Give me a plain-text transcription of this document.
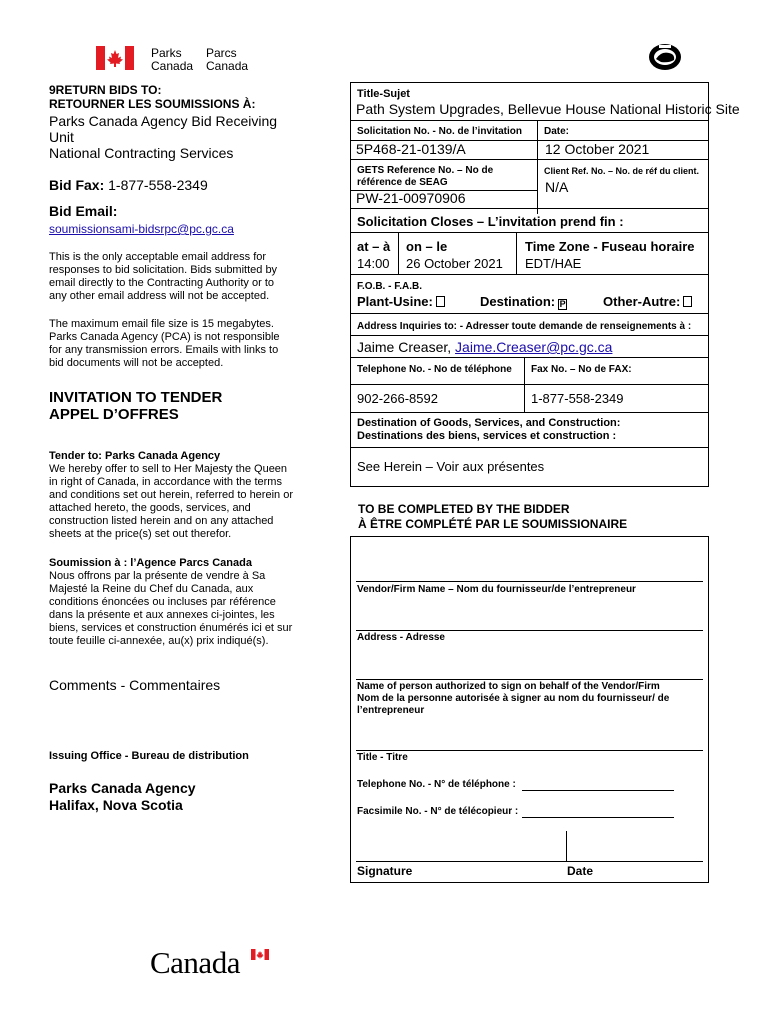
Parks
Canada
Parcs
Canada
9RETURN BIDS TO:
RETOURNER LES SOUMISSIONS À:
Parks Canada Agency Bid Receiving
Unit
National Contracting Services
Bid Fax: 1-877-558-2349
Bid Email:
soumissionsami-bidsrpc@pc.gc.ca
This is the only acceptable email address for
responses to bid solicitation. Bids submitted by
email directly to the Contracting Authority or to
any other email address will not be accepted.
The maximum email file size is 15 megabytes.
Parks Canada Agency (PCA) is not responsible
for any transmission errors. Emails with links to
bid documents will not be accepted.
INVITATION TO TENDER
APPEL D’OFFRES
Tender to: Parks Canada Agency
We hereby offer to sell to Her Majesty the Queen
in right of Canada, in accordance with the terms
and conditions set out herein, referred to herein or
attached hereto, the goods, services, and
construction listed herein and on any attached
sheets at the price(s) set out therefor.
Soumission à : l’Agence Parcs Canada
Nous offrons par la présente de vendre à Sa
Majesté la Reine du Chef du Canada, aux
conditions énoncées ou incluses par référence
dans la présente et aux annexes ci-jointes, les
biens, services et construction énumérés ici et sur
toute feuille ci-annexée, au(x) prix indiqué(s).
Comments - Commentaires
Issuing Office - Bureau de distribution
Parks Canada Agency
Halifax, Nova Scotia
Title-Sujet
Path System Upgrades, Bellevue House National Historic Site
Solicitation No. - No. de l’invitation Date:
5P468-21-0139/A	12 October 2021
GETS Reference No. – No de
référence de SEAG
Client Ref. No. – No. de réf du client.
N/A
PW-21-00970906
Solicitation Closes – L’invitation prend fin :
at – à on – le	Time Zone - Fuseau horaire
14:00 26 October 2021 EDT/HAE
F.O.B. - F.A.B.
Plant-Usine:	Destination:P	Other-Autre:
Address Inquiries to: - Adresser toute demande de renseignements à :
Jaime Creaser, Jaime.Creaser@pc.gc.ca
Telephone No. - No de téléphone Fax No. – No de FAX:
902-266-8592	1-877-558-2349
Destination of Goods, Services, and Construction:
Destinations des biens, services et construction :
See Herein – Voir aux présentes
TO BE COMPLETED BY THE BIDDER
À ÊTRE COMPLÉTÉ PAR LE SOUMISSIONAIRE
Vendor/Firm Name – Nom du fournisseur/de l’entrepreneur
Address - Adresse
Name of person authorized to sign on behalf of the Vendor/Firm
Nom de la personne autorisée à signer au nom du fournisseur/ de
l’entrepreneur
Title - Titre
Telephone No. - N° de téléphone :
Facsimile No. - N° de télécopieur :
Signature	Date
Canada
